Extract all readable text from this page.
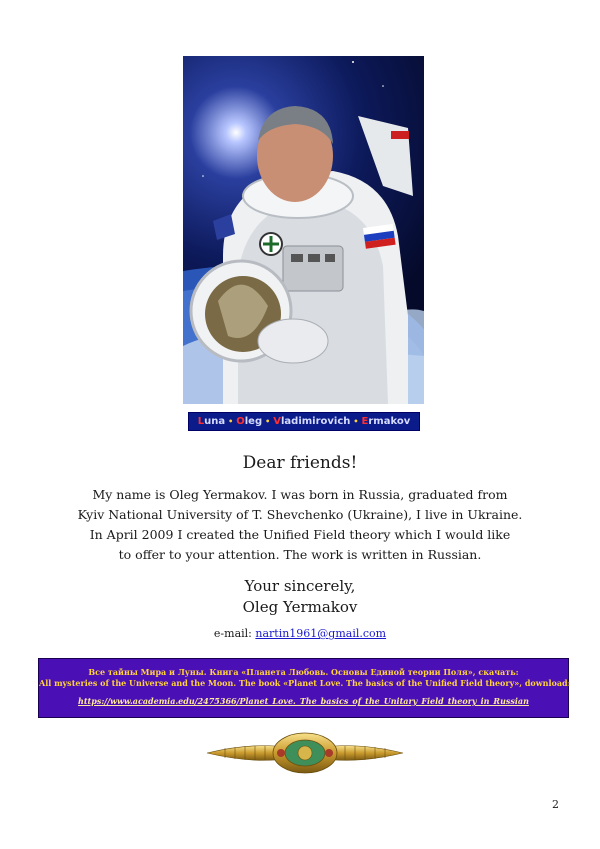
L una • O leg • V ladimirovich • E rmakov
Dear friends!
My name is Oleg Yermakov. I was born in Russia, graduated from
Kyiv National University of T. Shevchenko (Ukraine), I live in Ukraine.
In April 2009 I created the Unified Field theory which I would like
to offer to your attention. The work is written in Russian.
Your sincerely,
Oleg Yermakov
e-mail: nartin1961@gmail.com
Все тайны Мира и Луны. Книга «Планета Любовь. Основы Единой теории Поля», скачать:
All mysteries of the Universe and the Moon. The book «Planet Love. The basics of the Unified Field theory», download:
https://www.academia.edu/2475366/Planet_Love._The_basics_of_the_Unitary_Field_theory_in_Russian
2
